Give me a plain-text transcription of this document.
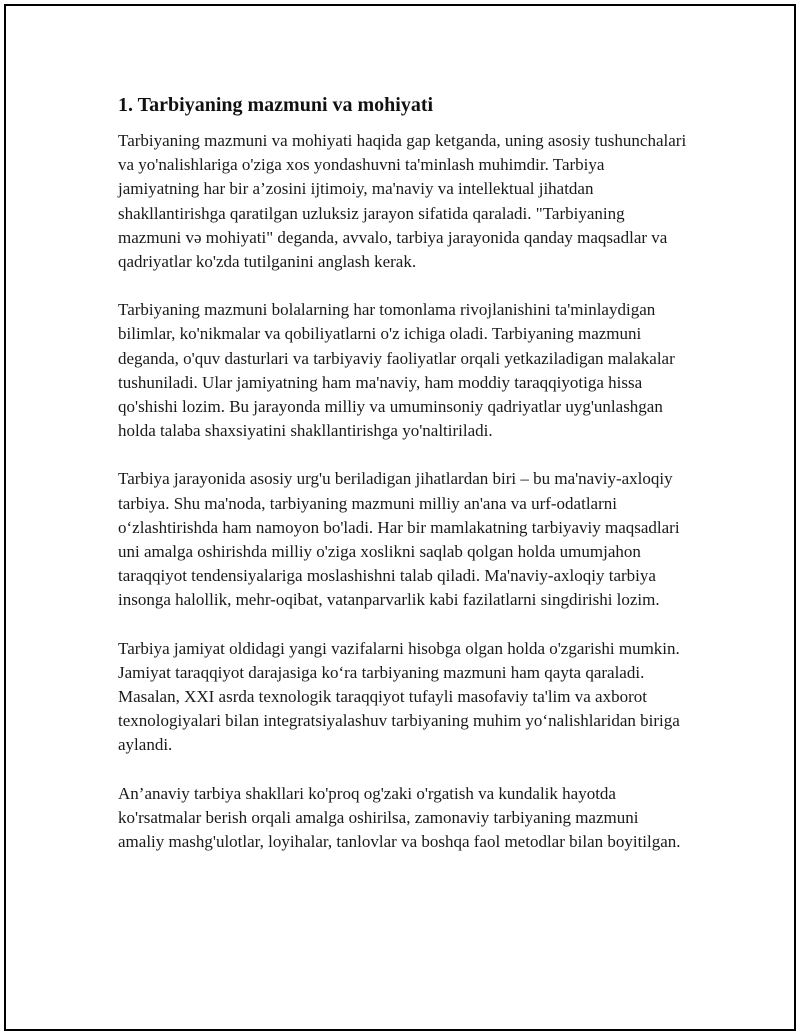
1. Tarbiyaning mazmuni va mohiyati

Tarbiyaning mazmuni va mohiyati haqida gap ketganda, uning asosiy tushunchalari va yo'nalishlariga o'ziga xos yondashuvni ta'minlash muhimdir. Tarbiya jamiyatning har bir a’zosini ijtimoiy, ma'naviy va intellektual jihatdan shakllantirishga qaratilgan uzluksiz jarayon sifatida qaraladi. "Tarbiyaning mazmuni və mohiyati" deganda, avvalo, tarbiya jarayonida qanday maqsadlar va qadriyatlar ko'zda tutilganini anglash kerak.

Tarbiyaning mazmuni bolalarning har tomonlama rivojlanishini ta'minlaydigan bilimlar, ko'nikmalar va qobiliyatlarni o'z ichiga oladi. Tarbiyaning mazmuni deganda, o'quv dasturlari va tarbiyaviy faoliyatlar orqali yetkaziladigan malakalar tushuniladi. Ular jamiyatning ham ma'naviy, ham moddiy taraqqiyotiga hissa qo'shishi lozim. Bu jarayonda milliy va umuminsoniy qadriyatlar uyg'unlashgan holda talaba shaxsiyatini shakllantirishga yo'naltiriladi.

Tarbiya jarayonida asosiy urg'u beriladigan jihatlardan biri – bu ma'naviy-axloqiy tarbiya. Shu ma'noda, tarbiyaning mazmuni milliy an'ana va urf-odatlarni o‘zlashtirishda ham namoyon bo'ladi. Har bir mamlakatning tarbiyaviy maqsadlari uni amalga oshirishda milliy o'ziga xoslikni saqlab qolgan holda umumjahon taraqqiyot tendensiyalariga moslashishni talab qiladi. Ma'naviy-axloqiy tarbiya insonga halollik, mehr-oqibat, vatanparvarlik kabi fazilatlarni singdirishi lozim.

Tarbiya jamiyat oldidagi yangi vazifalarni hisobga olgan holda o'zgarishi mumkin. Jamiyat taraqqiyot darajasiga ko‘ra tarbiyaning mazmuni ham qayta qaraladi. Masalan, XXI asrda texnologik taraqqiyot tufayli masofaviy ta'lim va axborot texnologiyalari bilan integratsiyalashuv tarbiyaning muhim yo‘nalishlaridan biriga aylandi.

An’anaviy tarbiya shakllari ko'proq og'zaki o'rgatish va kundalik hayotda ko'rsatmalar berish orqali amalga oshirilsa, zamonaviy tarbiyaning mazmuni amaliy mashg'ulotlar, loyihalar, tanlovlar va boshqa faol metodlar bilan boyitilgan.
